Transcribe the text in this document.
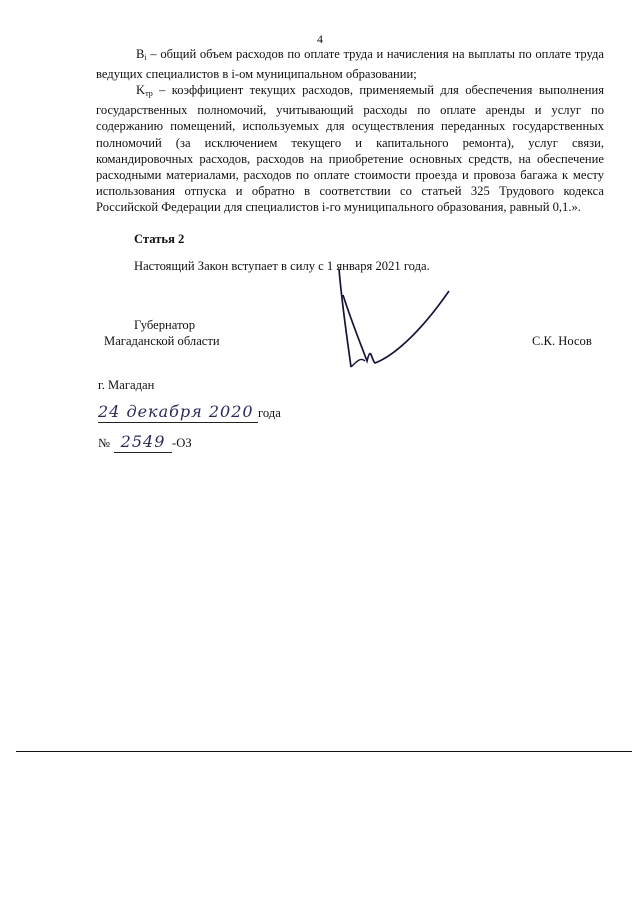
4
$B_i$ – общий объем расходов по оплате труда и начисления на выплаты по оплате труда ведущих специалистов в i-ом муниципальном образовании;
$K_{тр}$ – коэффициент текущих расходов, применяемый для обеспечения выполнения государственных полномочий, учитывающий расходы по оплате аренды и услуг по содержанию помещений, используемых для осуществления переданных государственных полномочий (за исключением текущего и капитального ремонта), услуг связи, командировочных расходов, расходов на приобретение основных средств, на обеспечение расходными материалами, расходов по оплате стоимости проезда и провоза багажа к месту использования отпуска и обратно в соответствии со статьей 325 Трудового кодекса Российской Федерации для специалистов i-го муниципального образования, равный 0,1.».
Статья 2
Настоящий Закон вступает в силу с 1 января 2021 года.
Губернатор
Магаданской области	С.К. Носов
г. Магадан
24 декабря 2020 года
№ 2549 -ОЗ
